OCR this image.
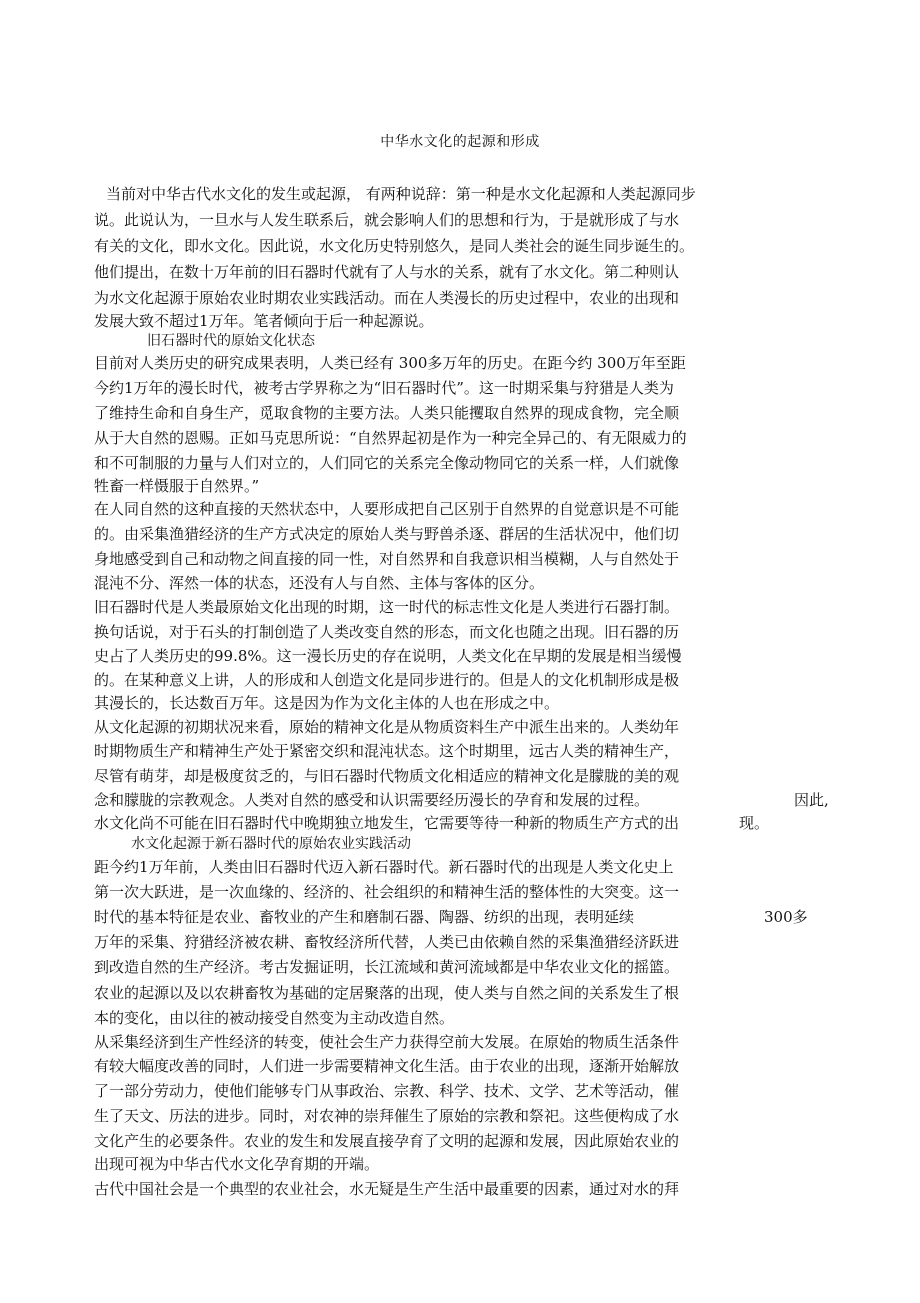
中华水文化的起源和形成
当前对中华古代水文化的发生或起源， 有两种说辞：第一种是水文化起源和人类起源同步
说。此说认为，一旦水与人发生联系后，就会影响人们的思想和行为，于是就形成了与水
有关的文化，即水文化。因此说，水文化历史特别悠久，是同人类社会的诞生同步诞生的。
他们提出，在数十万年前的旧石器时代就有了人与水的关系，就有了水文化。第二种则认
为水文化起源于原始农业时期农业实践活动。而在人类漫长的历史过程中，农业的出现和
发展大致不超过1万年。笔者倾向于后一种起源说。
旧石器时代的原始文化状态
目前对人类历史的研究成果表明，人类已经有 300多万年的历史。在距今约 300万年至距
今约1万年的漫长时代，被考古学界称之为“旧石器时代”。这一时期采集与狩猎是人类为
了维持生命和自身生产，觅取食物的主要方法。人类只能攫取自然界的现成食物，完全顺
从于大自然的恩赐。正如马克思所说：“自然界起初是作为一种完全异己的、有无限威力的
和不可制服的力量与人们对立的，人们同它的关系完全像动物同它的关系一样，人们就像
牲畜一样慑服于自然界。”
在人同自然的这种直接的天然状态中，人要形成把自己区别于自然界的自觉意识是不可能
的。由采集渔猎经济的生产方式决定的原始人类与野兽杀逐、群居的生活状况中，他们切
身地感受到自己和动物之间直接的同一性，对自然界和自我意识相当模糊，人与自然处于
混沌不分、浑然一体的状态，还没有人与自然、主体与客体的区分。
旧石器时代是人类最原始文化出现的时期，这一时代的标志性文化是人类进行石器打制。
换句话说，对于石头的打制创造了人类改变自然的形态，而文化也随之出现。旧石器的历
史占了人类历史的99.8%。这一漫长历史的存在说明，人类文化在早期的发展是相当缓慢
的。在某种意义上讲，人的形成和人创造文化是同步进行的。但是人的文化机制形成是极
其漫长的，长达数百万年。这是因为作为文化主体的人也在形成之中。
从文化起源的初期状况来看，原始的精神文化是从物质资料生产中派生出来的。人类幼年
时期物质生产和精神生产处于紧密交织和混沌状态。这个时期里，远古人类的精神生产，
尽管有萌芽，却是极度贫乏的，与旧石器时代物质文化相适应的精神文化是朦胧的美的观
念和朦胧的宗教观念。人类对自然的感受和认识需要经历漫长的孕育和发展的过程。	因此,
水文化尚不可能在旧石器时代中晚期独立地发生，它需要等待一种新的物质生产方式的出	现。
水文化起源于新石器时代的原始农业实践活动
距今约1万年前，人类由旧石器时代迈入新石器时代。新石器时代的出现是人类文化史上
第一次大跃进，是一次血缘的、经济的、社会组织的和精神生活的整体性的大突变。这一
时代的基本特征是农业、畜牧业的产生和磨制石器、陶器、纺织的出现，表明延续	300多
万年的采集、狩猎经济被农耕、畜牧经济所代替，人类已由依赖自然的采集渔猎经济跃进
到改造自然的生产经济。考古发掘证明，长江流域和黄河流域都是中华农业文化的摇篮。
农业的起源以及以农耕畜牧为基础的定居聚落的出现，使人类与自然之间的关系发生了根
本的变化，由以往的被动接受自然变为主动改造自然。
从采集经济到生产性经济的转变，使社会生产力获得空前大发展。在原始的物质生活条件
有较大幅度改善的同时，人们进一步需要精神文化生活。由于农业的出现，逐渐开始解放
了一部分劳动力，使他们能够专门从事政治、宗教、科学、技术、文学、艺术等活动，催
生了天文、历法的进步。同时，对农神的崇拜催生了原始的宗教和祭祀。这些便构成了水
文化产生的必要条件。农业的发生和发展直接孕育了文明的起源和发展，因此原始农业的
出现可视为中华古代水文化孕育期的开端。
古代中国社会是一个典型的农业社会，水无疑是生产生活中最重要的因素，通过对水的拜
